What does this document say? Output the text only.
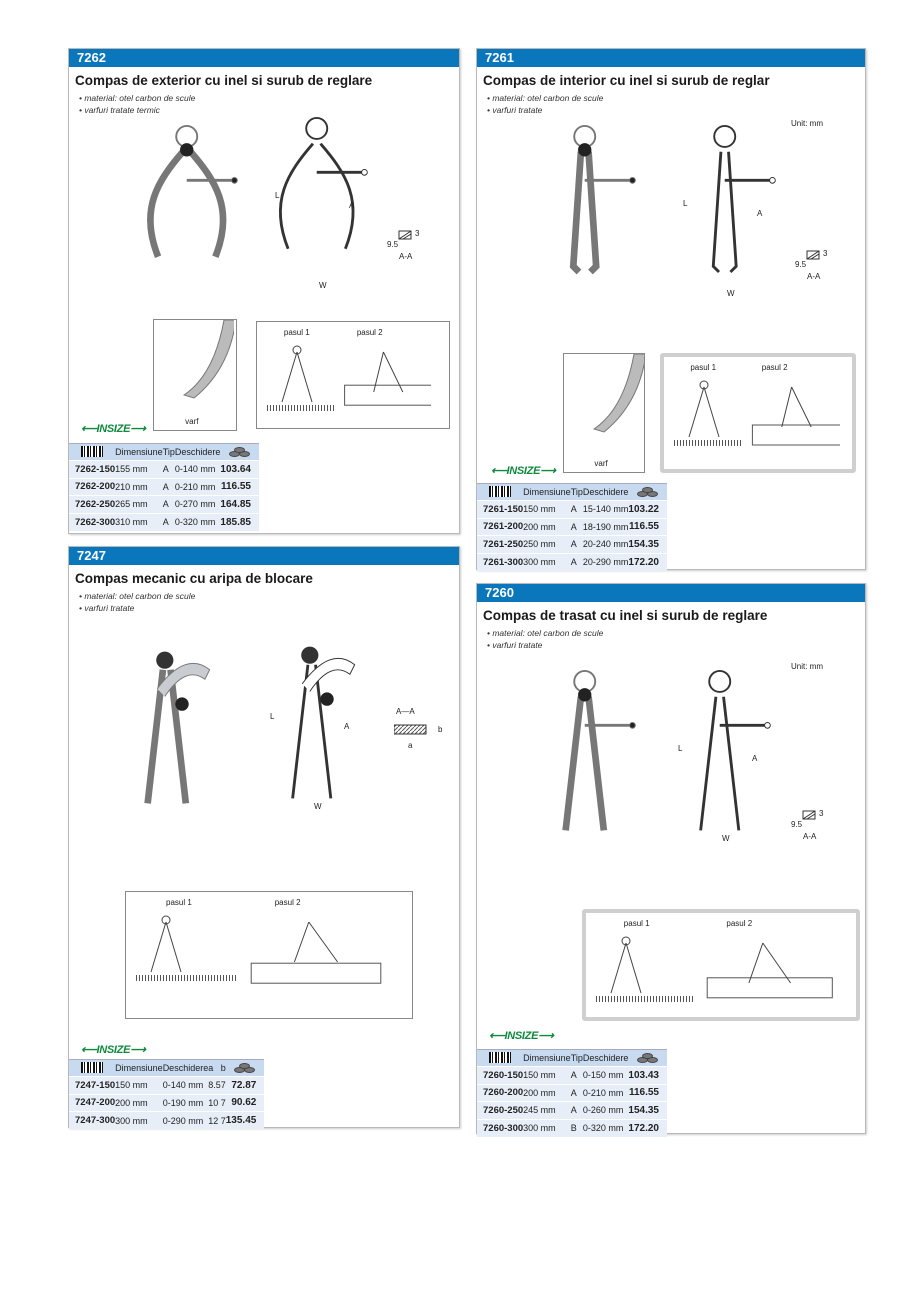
7262
Compas de exterior cu inel si surub de reglare
• material: otel carbon de scule
• varfuri tratate termic
L
W
A
9.5
3
A-A
varf
pasul 1	pasul 2
⟵INSIZE⟶
	Dimensiune	Tip	Deschidere	

7262-150	155 mm	A	0-140 mm	103.64
7262-200	210 mm	A	0-210 mm	116.55
7262-250	265 mm	A	0-270 mm	164.85
7262-300	310 mm	A	0-320 mm	185.85
7261
Compas de interior cu inel si surub de reglar
• material: otel carbon de scule
• varfuri tratate
L
W
A
Unit: mm
9.5
3
A-A
varf
pasul 1	pasul 2
⟵INSIZE⟶
	Dimensiune	Tip	Deschidere	

7261-150	150 mm	A	15-140 mm	103.22
7261-200	200 mm	A	18-190 mm	116.55
7261-250	250 mm	A	20-240 mm	154.35
7261-300	300 mm	A	20-290 mm	172.20
7247
Compas mecanic cu aripa de blocare
• material: otel carbon de scule
• varfuri tratate
L
W
A
A—A
a
b
pasul 1	pasul 2
⟵INSIZE⟶
	Dimensiune	Deschidere	a	b	

7247-150	150 mm	0-140 mm	8.5	7	72.87
7247-200	200 mm	0-190 mm	10	7	90.62
7247-300	300 mm	0-290 mm	12	7	135.45
7260
Compas de trasat cu inel si surub de reglare
• material: otel carbon de scule
• varfuri tratate
L
W
A
Unit: mm
9.5
3
A-A
pasul 1	pasul 2
⟵INSIZE⟶
	Dimensiune	Tip	Deschidere	

7260-150	150 mm	A	0-150 mm	103.43
7260-200	200 mm	A	0-210 mm	116.55
7260-250	245 mm	A	0-260 mm	154.35
7260-300	300 mm	B	0-320 mm	172.20
